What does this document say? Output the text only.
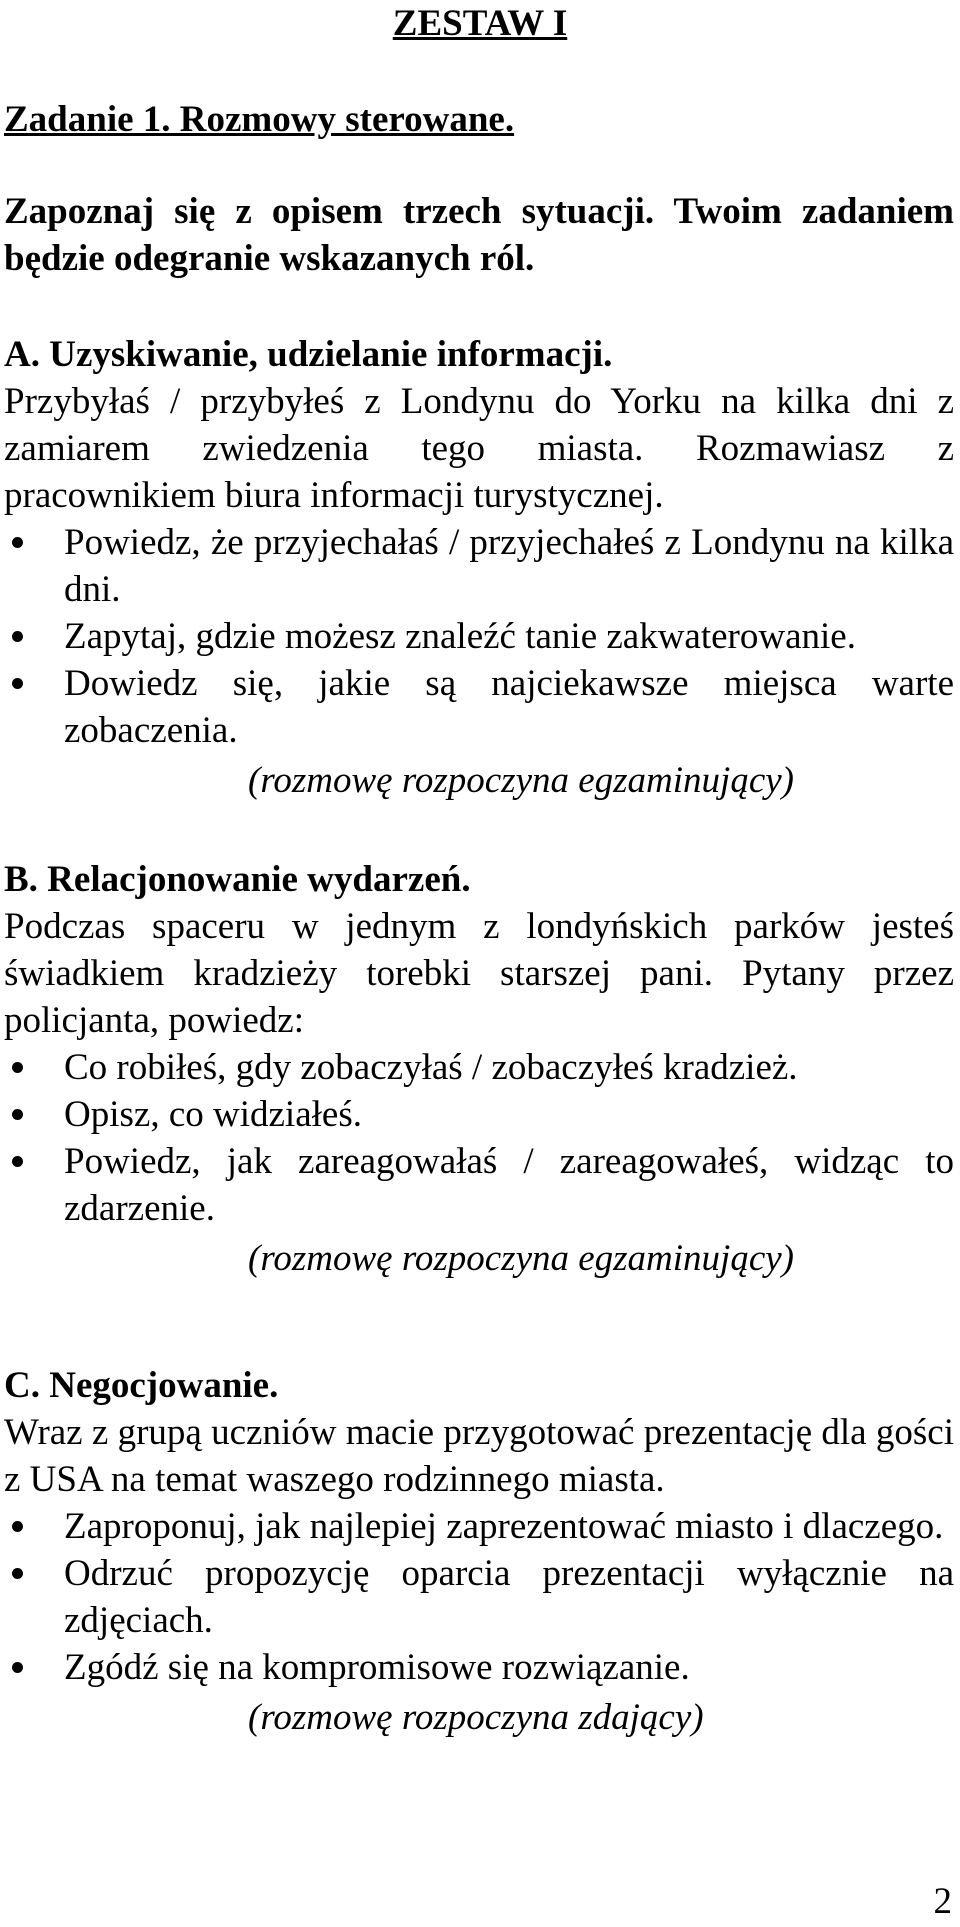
ZESTAW I
Zadanie 1. Rozmowy sterowane.
Zapoznaj się z opisem trzech sytuacji. Twoim zadaniem będzie odegranie wskazanych ról.
A. Uzyskiwanie, udzielanie informacji.
Przybyłaś / przybyłeś z Londynu do Yorku na kilka dni z zamiarem zwiedzenia tego miasta. Rozmawiasz z pracownikiem biura informacji turystycznej.
Powiedz, że przyjechałaś / przyjechałeś z Londynu na kilka dni.
Zapytaj, gdzie możesz znaleźć tanie zakwaterowanie.
Dowiedz się, jakie są najciekawsze miejsca warte zobaczenia.
(rozmowę rozpoczyna egzaminujący)
B. Relacjonowanie wydarzeń.
Podczas spaceru w jednym z londyńskich parków jesteś świadkiem kradzieży torebki starszej pani. Pytany przez policjanta, powiedz:
Co robiłeś, gdy zobaczyłaś / zobaczyłeś kradzież.
Opisz, co widziałeś.
Powiedz, jak zareagowałaś / zareagowałeś, widząc to zdarzenie.
(rozmowę rozpoczyna egzaminujący)
C. Negocjowanie.
Wraz z grupą uczniów macie przygotować prezentację dla gości z USA na temat waszego rodzinnego miasta.
Zaproponuj, jak najlepiej zaprezentować miasto i dlaczego.
Odrzuć propozycję oparcia prezentacji wyłącznie na zdjęciach.
Zgódź się na kompromisowe rozwiązanie.
(rozmowę rozpoczyna zdający)
2
